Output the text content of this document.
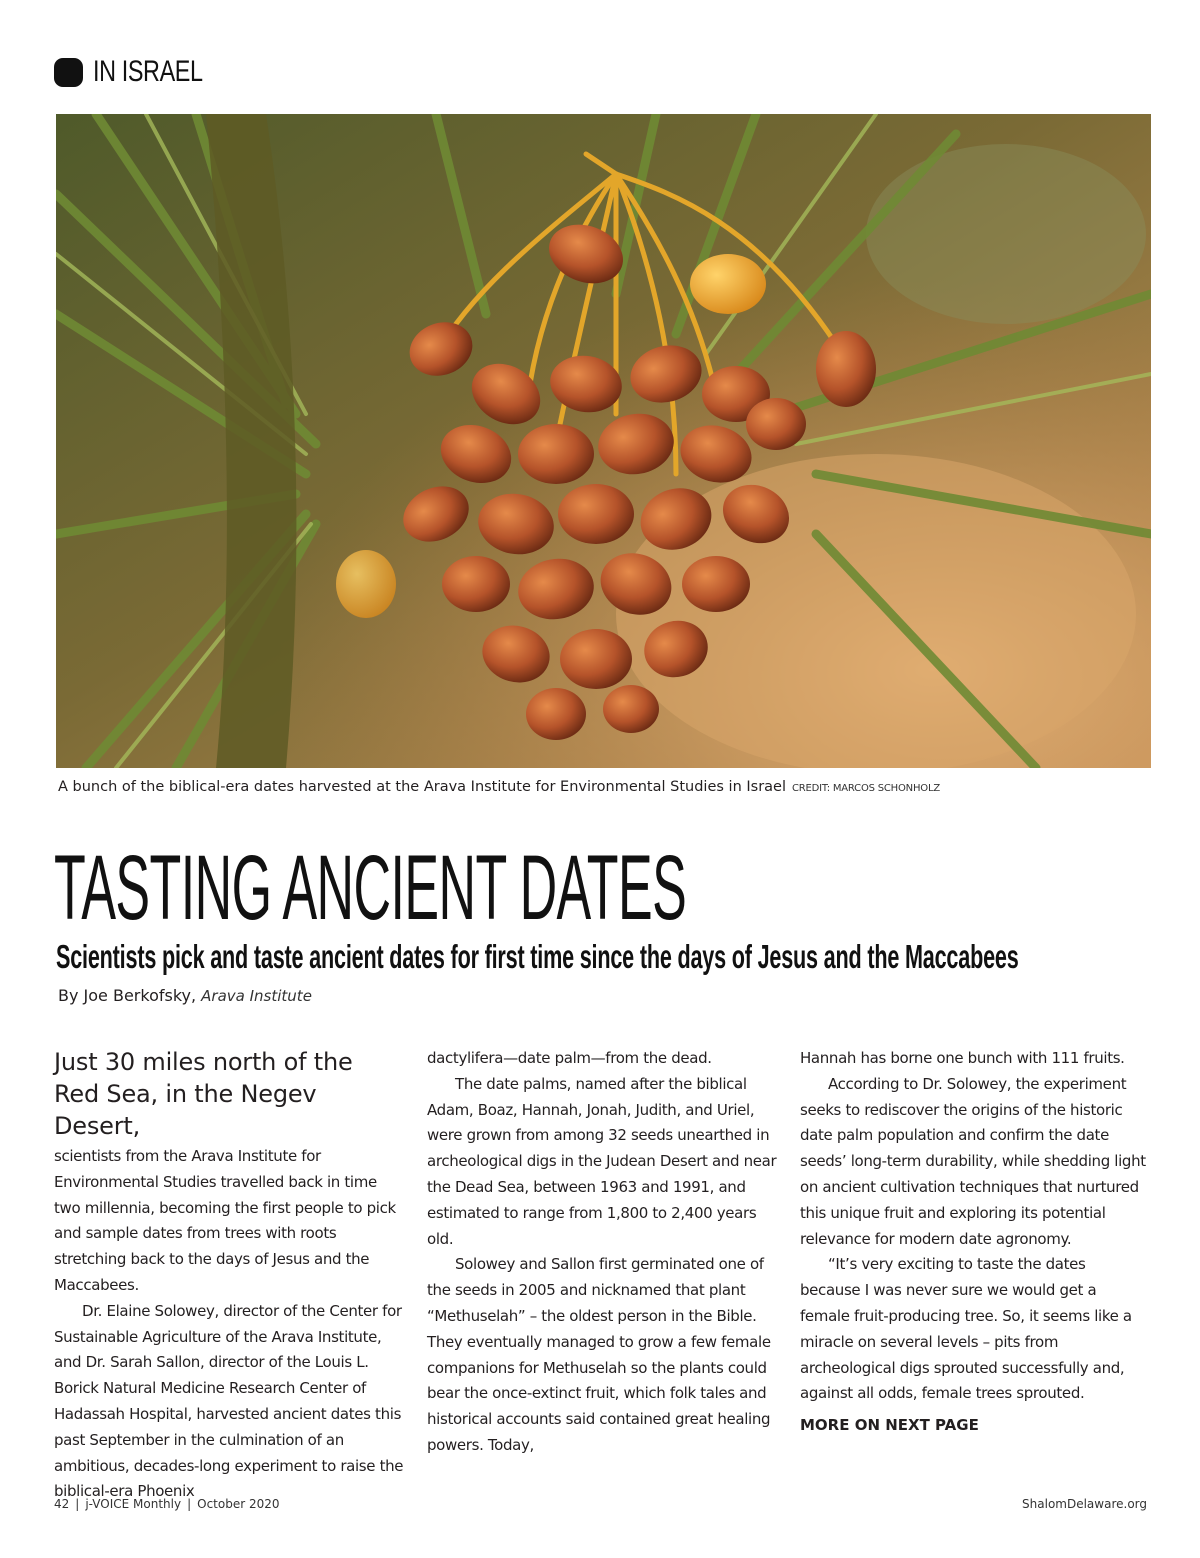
IN ISRAEL
A bunch of the biblical-era dates harvested at the Arava Institute for Environmental Studies in Israel CREDIT: MARCOS SCHONHOLZ
TASTING ANCIENT DATES
Scientists pick and taste ancient dates for first time since the days of Jesus and the Maccabees
By Joe Berkofsky, Arava Institute

Just 30 miles north of the Red Sea, in the Negev Desert,

scientists from the Arava Institute for Environmental Studies travelled back in time two millennia, becoming the first people to pick and sample dates from trees with roots stretching back to the days of Jesus and the Maccabees.

Dr. Elaine Solowey, director of the Center for Sustainable Agriculture of the Arava Institute, and Dr. Sarah Sallon, director of the Louis L. Borick Natural Medicine Research Center of Hadassah Hospital, harvested ancient dates this past September in the culmination of an ambitious, decades-long experiment to raise the biblical-era Phoenix

dactylifera—date palm—from the dead.

The date palms, named after the biblical Adam, Boaz, Hannah, Jonah, Judith, and Uriel, were grown from among 32 seeds unearthed in archeological digs in the Judean Desert and near the Dead Sea, between 1963 and 1991, and estimated to range from 1,800 to 2,400 years old.

Solowey and Sallon first germinated one of the seeds in 2005 and nicknamed that plant “Methuselah” – the oldest person in the Bible. They eventually managed to grow a few female companions for Methuselah so the plants could bear the once-extinct fruit, which folk tales and historical accounts said contained great healing powers. Today,

Hannah has borne one bunch with 111 fruits.

According to Dr. Solowey, the experiment seeks to rediscover the origins of the historic date palm population and confirm the date seeds’ long-term durability, while shedding light on ancient cultivation techniques that nurtured this unique fruit and exploring its potential relevance for modern date agronomy.

“It’s very exciting to taste the dates because I was never sure we would get a female fruit-producing tree. So, it seems like a miracle on several levels – pits from archeological digs sprouted successfully and, against all odds, female trees sprouted.

MORE ON NEXT PAGE

42 | j-VOICE Monthly | October 2020	ShalomDelaware.org
